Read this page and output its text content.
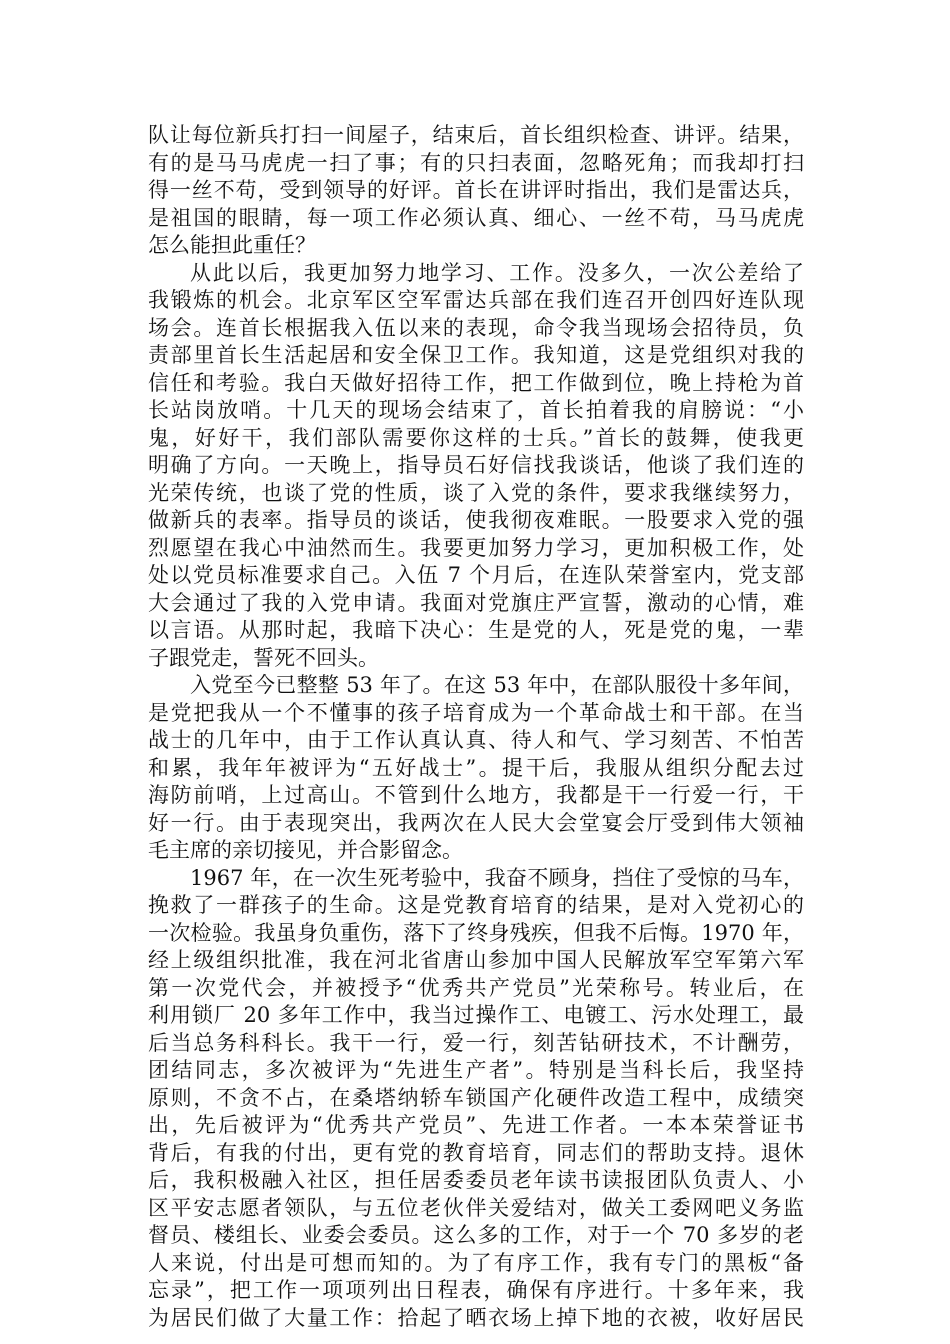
队让每位新兵打扫一间屋子，结束后，首长组织检查、讲评。结果，
有的是马马虎虎一扫了事；有的只扫表面，忽略死角；而我却打扫
得一丝不苟，受到领导的好评。首长在讲评时指出，我们是雷达兵，
是祖国的眼睛，每一项工作必须认真、细心、一丝不苟，马马虎虎
怎么能担此重任？
从此以后，我更加努力地学习、工作。没多久，一次公差给了
我锻炼的机会。北京军区空军雷达兵部在我们连召开创四好连队现
场会。连首长根据我入伍以来的表现，命令我当现场会招待员，负
责部里首长生活起居和安全保卫工作。我知道，这是党组织对我的
信任和考验。我白天做好招待工作，把工作做到位，晚上持枪为首
长站岗放哨。十几天的现场会结束了，首长拍着我的肩膀说：“小
鬼，好好干，我们部队需要你这样的士兵。”首长的鼓舞，使我更
明确了方向。一天晚上，指导员石好信找我谈话，他谈了我们连的
光荣传统，也谈了党的性质，谈了入党的条件，要求我继续努力，
做新兵的表率。指导员的谈话，使我彻夜难眠。一股要求入党的强
烈愿望在我心中油然而生。我要更加努力学习，更加积极工作，处
处以党员标准要求自己。入伍 7 个月后，在连队荣誉室内，党支部
大会通过了我的入党申请。我面对党旗庄严宣誓，激动的心情，难
以言语。从那时起，我暗下决心：生是党的人，死是党的鬼，一辈
子跟党走，誓死不回头。
入党至今已整整 53 年了。在这 53 年中，在部队服役十多年间，
是党把我从一个不懂事的孩子培育成为一个革命战士和干部。在当
战士的几年中，由于工作认真认真、待人和气、学习刻苦、不怕苦
和累，我年年被评为“五好战士”。提干后，我服从组织分配去过
海防前哨，上过高山。不管到什么地方，我都是干一行爱一行，干
好一行。由于表现突出，我两次在人民大会堂宴会厅受到伟大领袖
毛主席的亲切接见，并合影留念。
1967 年，在一次生死考验中，我奋不顾身，挡住了受惊的马车，
挽救了一群孩子的生命。这是党教育培育的结果，是对入党初心的
一次检验。我虽身负重伤，落下了终身残疾，但我不后悔。1970 年，
经上级组织批准，我在河北省唐山参加中国人民解放军空军第六军
第一次党代会，并被授予“优秀共产党员”光荣称号。转业后，在
利用锁厂 20 多年工作中，我当过操作工、电镀工、污水处理工，最
后当总务科科长。我干一行，爱一行，刻苦钻研技术，不计酬劳，
团结同志，多次被评为“先进生产者”。特别是当科长后，我坚持
原则，不贪不占，在桑塔纳轿车锁国产化硬件改造工程中，成绩突
出，先后被评为“优秀共产党员”、先进工作者。一本本荣誉证书
背后，有我的付出，更有党的教育培育，同志们的帮助支持。退休
后，我积极融入社区，担任居委委员老年读书读报团队负责人、小
区平安志愿者领队，与五位老伙伴关爱结对，做关工委网吧义务监
督员、楼组长、业委会委员。这么多的工作，对于一个 70 多岁的老
人来说，付出是可想而知的。为了有序工作，我有专门的黑板“备
忘录”，把工作一项项列出日程表，确保有序进行。十多年来，我
为居民们做了大量工作：拾起了晒衣场上掉下地的衣被，收好居民
